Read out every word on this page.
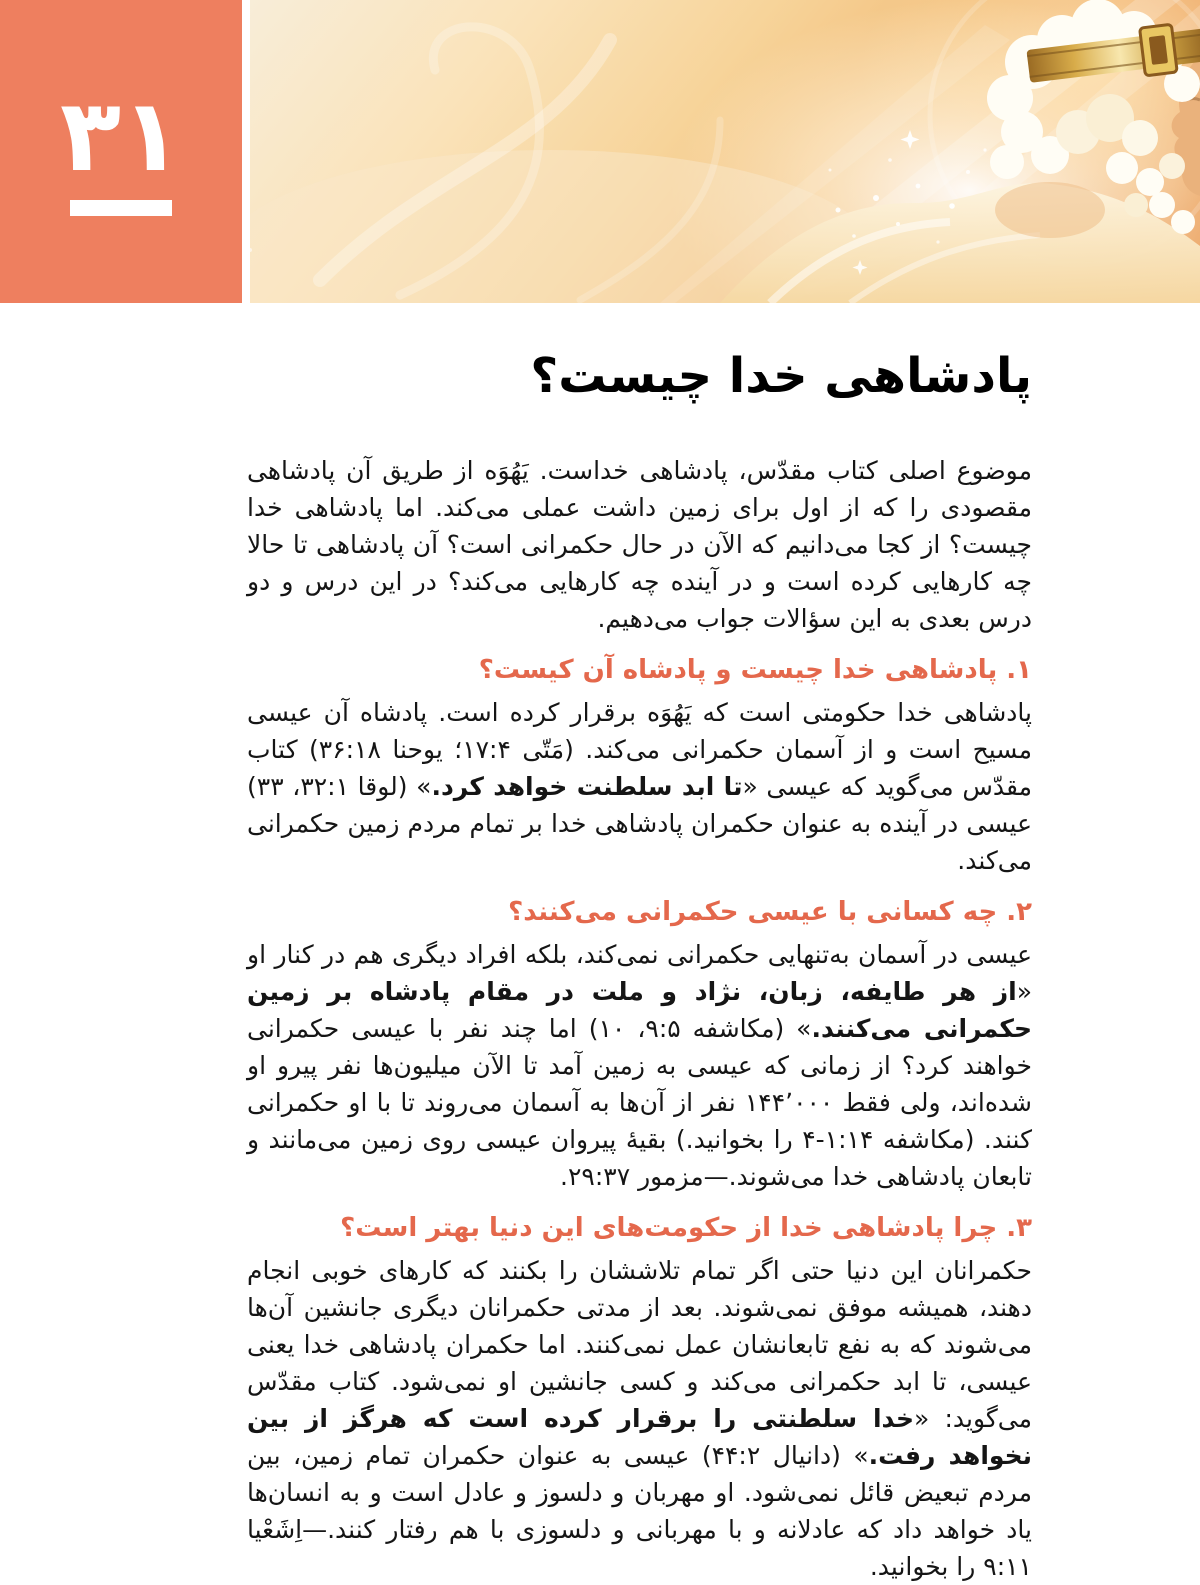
۳۱
پادشاهی خدا چیست؟

موضوع اصلی کتاب مقدّس، پادشاهی خداست. یَهُوَه از طریق آن پادشاهی مقصودی را که از اول برای زمین داشت عملی می‌کند. اما پادشاهی خدا چیست؟ از کجا می‌دانیم که الآن در حال حکمرانی است؟ آن پادشاهی تا حالا چه کارهایی کرده است و در آینده چه کارهایی می‌کند؟ در این درس و دو درس بعدی به این سؤالات جواب می‌دهیم.

۱.پادشاهی خدا چیست و پادشاه آن کیست؟

پادشاهی خدا حکومتی است که یَهُوَه برقرار کرده است. پادشاه آن عیسی مسیح است و از آسمان حکمرانی می‌کند. (مَتّی ۱۷:۴؛ یوحنا ۳۶:۱۸) کتاب مقدّس می‌گوید که عیسی «تا ابد سلطنت خواهد کرد.» (لوقا ۳۲:۱، ۳۳) عیسی در آینده به عنوان حکمران پادشاهی خدا بر تمام مردم زمین حکمرانی می‌کند.

۲.چه کسانی با عیسی حکمرانی می‌کنند؟

عیسی در آسمان به‌تنهایی حکمرانی نمی‌کند، بلکه افراد دیگری هم در کنار او «از هر طایفه، زبان، نژاد و ملت در مقام پادشاه بر زمین حکمرانی می‌کنند.» (مکاشفه ۹:۵، ۱۰) اما چند نفر با عیسی حکمرانی خواهند کرد؟ از زمانی که عیسی به زمین آمد تا الآن میلیون‌ها نفر پیرو او شده‌اند، ولی فقط ۱۴۴٬۰۰۰ نفر از آن‌ها به آسمان می‌روند تا با او حکمرانی کنند. (مکاشفه ۱:۱۴-۴ را بخوانید.) بقیهٔ پیروان عیسی روی زمین می‌مانند و تابعان پادشاهی خدا می‌شوند.—مزمور ۲۹:۳۷.

۳.چرا پادشاهی خدا از حکومت‌های این دنیا بهتر است؟

حکمرانان این دنیا حتی اگر تمام تلاششان را بکنند که کارهای خوبی انجام دهند، همیشه موفق نمی‌شوند. بعد از مدتی حکمرانان دیگری جانشین آن‌ها می‌شوند که به نفع تابعانشان عمل نمی‌کنند. اما حکمران پادشاهی خدا یعنی عیسی، تا ابد حکمرانی می‌کند و کسی جانشین او نمی‌شود. کتاب مقدّس می‌گوید: «خدا سلطنتی را برقرار کرده است که هرگز از بین نخواهد رفت.» (دانیال ۴۴:۲) عیسی به عنوان حکمران تمام زمین، بین مردم تبعیض قائل نمی‌شود. او مهربان و دلسوز و عادل است و به انسان‌ها یاد خواهد داد که عادلانه و با مهربانی و دلسوزی با هم رفتار کنند.—اِشَعْیا ۹:۱۱ را بخوانید.
